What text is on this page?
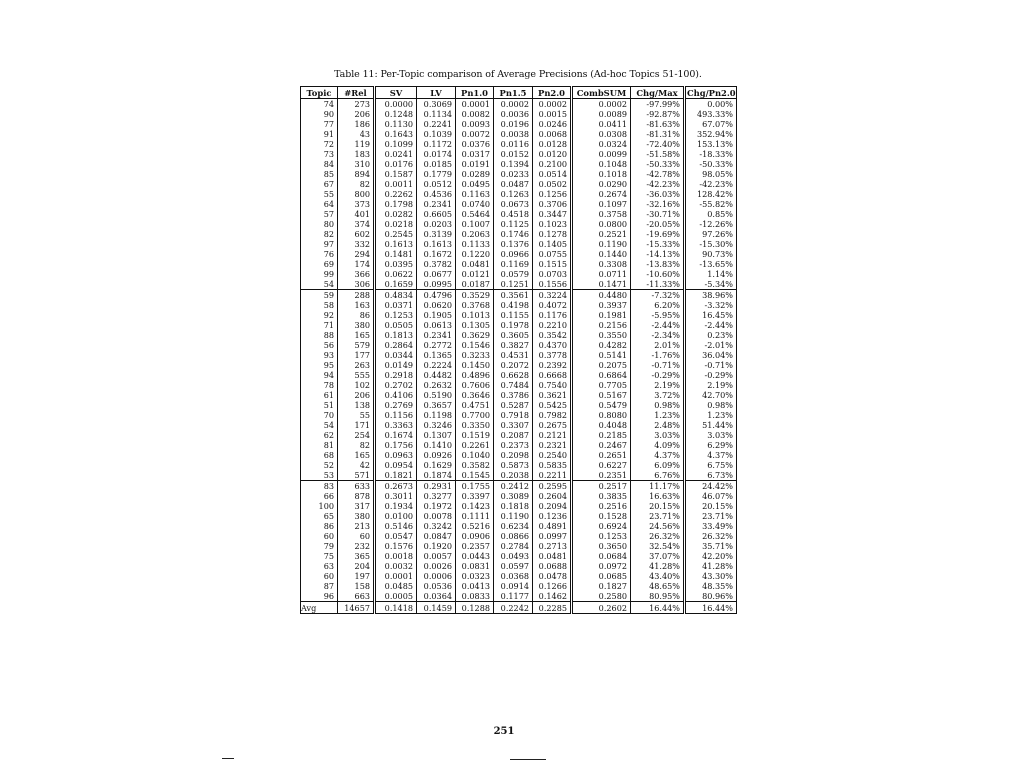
Table 11: Per-Topic comparison of Average Precisions (Ad-hoc Topics 51-100).
Topic	#Rel	SV	LV	Pn1.0	Pn1.5	Pn2.0	CombSUM	Chg/Max	Chg/Pn2.0
74	273	0.0000	0.3069	0.0001	0.0002	0.0002	0.0002	-97.99%	0.00%
90	206	0.1248	0.1134	0.0082	0.0036	0.0015	0.0089	-92.87%	493.33%
77	186	0.1130	0.2241	0.0093	0.0196	0.0246	0.0411	-81.63%	67.07%
91	43	0.1643	0.1039	0.0072	0.0038	0.0068	0.0308	-81.31%	352.94%
72	119	0.1099	0.1172	0.0376	0.0116	0.0128	0.0324	-72.40%	153.13%
73	183	0.0241	0.0174	0.0317	0.0152	0.0120	0.0099	-51.58%	-18.33%
84	310	0.0176	0.0185	0.0191	0.1394	0.2100	0.1048	-50.33%	-50.33%
85	894	0.1587	0.1779	0.0289	0.0233	0.0514	0.1018	-42.78%	98.05%
67	82	0.0011	0.0512	0.0495	0.0487	0.0502	0.0290	-42.23%	-42.23%
55	800	0.2262	0.4536	0.1163	0.1263	0.1256	0.2674	-36.03%	128.42%
64	373	0.1798	0.2341	0.0740	0.0673	0.3706	0.1097	-32.16%	-55.82%
57	401	0.0282	0.6605	0.5464	0.4518	0.3447	0.3758	-30.71%	0.85%
80	374	0.0218	0.0203	0.1007	0.1125	0.1023	0.0800	-20.05%	-12.26%
82	602	0.2545	0.3139	0.2063	0.1746	0.1278	0.2521	-19.69%	97.26%
97	332	0.1613	0.1613	0.1133	0.1376	0.1405	0.1190	-15.33%	-15.30%
76	294	0.1481	0.1672	0.1220	0.0966	0.0755	0.1440	-14.13%	90.73%
69	174	0.0395	0.3782	0.0481	0.1169	0.1515	0.3308	-13.83%	-13.65%
99	366	0.0622	0.0677	0.0121	0.0579	0.0703	0.0711	-10.60%	1.14%
54	306	0.1659	0.0995	0.0187	0.1251	0.1556	0.1471	-11.33%	-5.34%
59	288	0.4834	0.4796	0.3529	0.3561	0.3224	0.4480	-7.32%	38.96%
58	163	0.0371	0.0620	0.3768	0.4198	0.4072	0.3937	6.20%	-3.32%
92	86	0.1253	0.1905	0.1013	0.1155	0.1176	0.1981	-5.95%	16.45%
71	380	0.0505	0.0613	0.1305	0.1978	0.2210	0.2156	-2.44%	-2.44%
88	165	0.1813	0.2341	0.3629	0.3605	0.3542	0.3550	-2.34%	0.23%
56	579	0.2864	0.2772	0.1546	0.3827	0.4370	0.4282	2.01%	-2.01%
93	177	0.0344	0.1365	0.3233	0.4531	0.3778	0.5141	-1.76%	36.04%
95	263	0.0149	0.2224	0.1450	0.2072	0.2392	0.2075	-0.71%	-0.71%
94	555	0.2918	0.4482	0.4896	0.6628	0.6668	0.6864	-0.29%	-0.29%
78	102	0.2702	0.2632	0.7606	0.7484	0.7540	0.7705	2.19%	2.19%
61	206	0.4106	0.5190	0.3646	0.3786	0.3621	0.5167	3.72%	42.70%
51	138	0.2769	0.3657	0.4751	0.5287	0.5425	0.5479	0.98%	0.98%
70	55	0.1156	0.1198	0.7700	0.7918	0.7982	0.8080	1.23%	1.23%
54	171	0.3363	0.3246	0.3350	0.3307	0.2675	0.4048	2.48%	51.44%
62	254	0.1674	0.1307	0.1519	0.2087	0.2121	0.2185	3.03%	3.03%
81	82	0.1756	0.1410	0.2261	0.2373	0.2321	0.2467	4.09%	6.29%
68	165	0.0963	0.0926	0.1040	0.2098	0.2540	0.2651	4.37%	4.37%
52	42	0.0954	0.1629	0.3582	0.5873	0.5835	0.6227	6.09%	6.75%
53	571	0.1821	0.1874	0.1545	0.2038	0.2211	0.2351	6.76%	6.73%
83	633	0.2673	0.2931	0.1755	0.2412	0.2595	0.2517	11.17%	24.42%
66	878	0.3011	0.3277	0.3397	0.3089	0.2604	0.3835	16.63%	46.07%
100	317	0.1934	0.1972	0.1423	0.1818	0.2094	0.2516	20.15%	20.15%
65	380	0.0100	0.0078	0.1111	0.1190	0.1236	0.1528	23.71%	23.71%
86	213	0.5146	0.3242	0.5216	0.6234	0.4891	0.6924	24.56%	33.49%
60	60	0.0547	0.0847	0.0906	0.0866	0.0997	0.1253	26.32%	26.32%
79	232	0.1576	0.1920	0.2357	0.2784	0.2713	0.3650	32.54%	35.71%
75	365	0.0018	0.0057	0.0443	0.0493	0.0481	0.0684	37.07%	42.20%
63	204	0.0032	0.0026	0.0831	0.0597	0.0688	0.0972	41.28%	41.28%
60	197	0.0001	0.0006	0.0323	0.0368	0.0478	0.0685	43.40%	43.30%
87	158	0.0485	0.0536	0.0413	0.0914	0.1266	0.1827	48.65%	48.35%
96	663	0.0005	0.0364	0.0833	0.1177	0.1462	0.2580	80.95%	80.96%
Avg	14657	0.1418	0.1459	0.1288	0.2242	0.2285	0.2602	16.44%	16.44%
251
